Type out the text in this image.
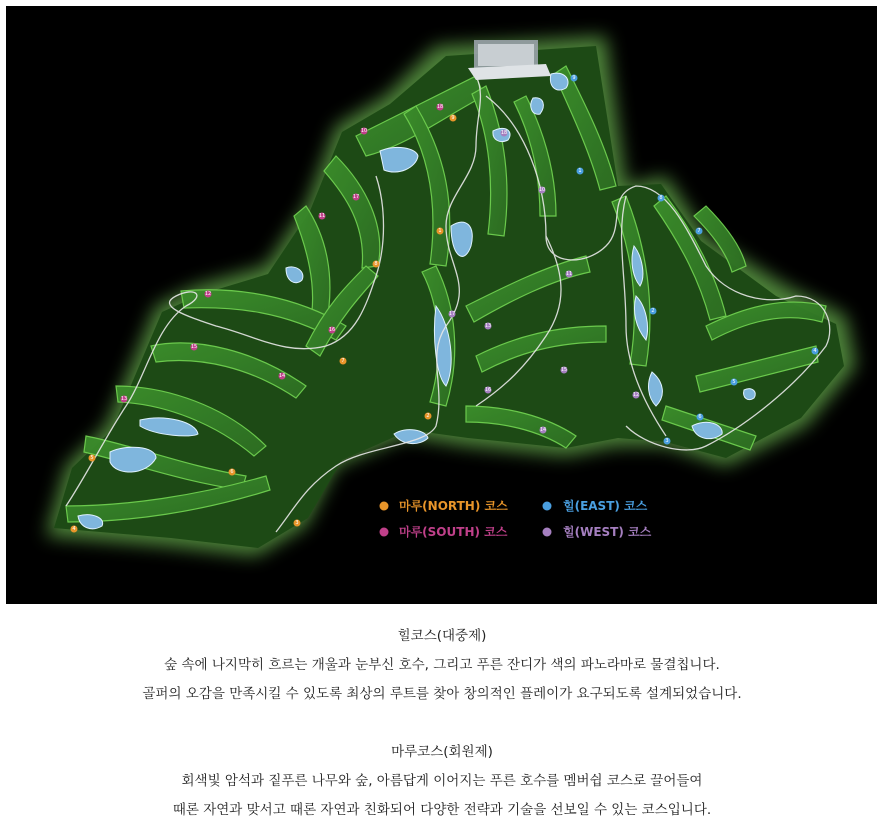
1
2
3
4
5
6
7
8
9
10
11
12
13
14
15
16
17
18
1
2
3
4
5
6
7
8
9
10
11
12
13
14
15
16
17
18
마루(NORTH) 코스	힐(EAST) 코스
마루(SOUTH) 코스	힐(WEST) 코스

힐코스(대중제)

숲 속에 나지막히 흐르는 개울과 눈부신 호수, 그리고 푸른 잔디가 색의 파노라마로 물결칩니다.

골퍼의 오감을 만족시킬 수 있도록 최상의 루트를 찾아 창의적인 플레이가 요구되도록 설계되었습니다.

마루코스(회원제)

회색빛 암석과 짙푸른 나무와 숲, 아름답게 이어지는 푸른 호수를 멤버쉽 코스로 끌어들여

때론 자연과 맞서고 때론 자연과 친화되어 다양한 전략과 기술을 선보일 수 있는 코스입니다.
